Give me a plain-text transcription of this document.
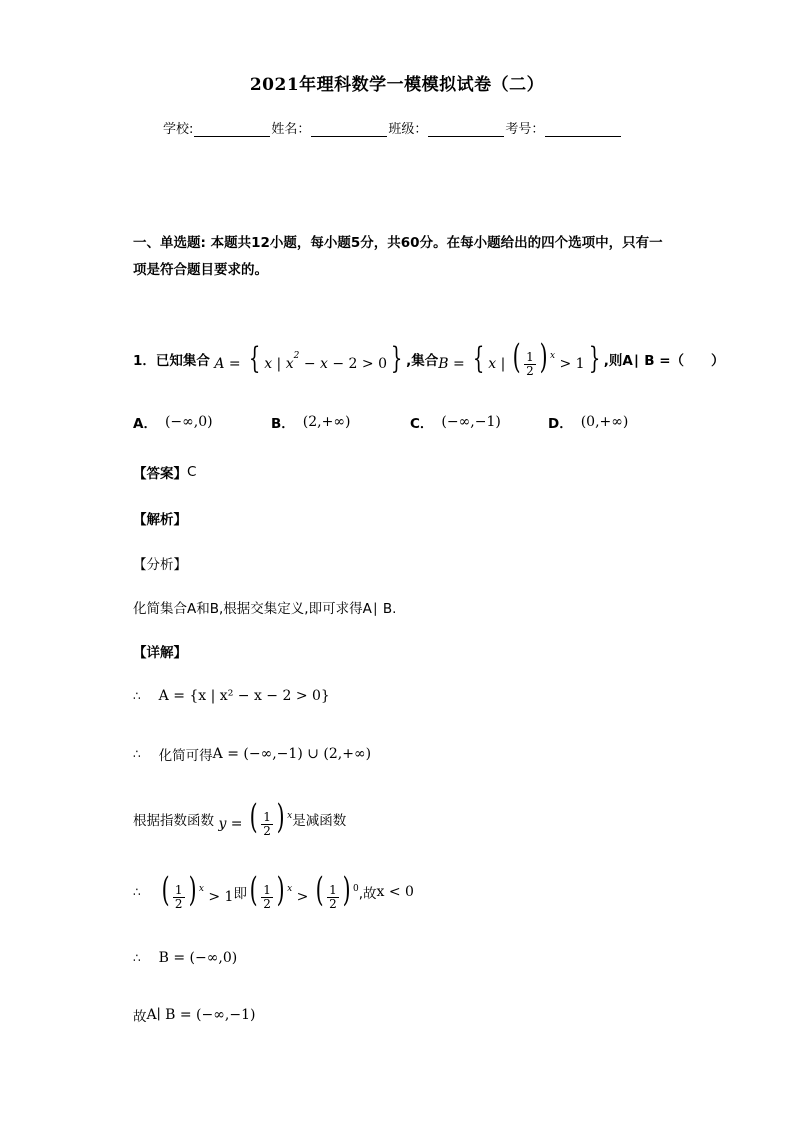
2021年理科数学一模模拟试卷（二）
学校:	姓名：	班级：	考号：
一、单选题: 本题共12小题，每小题5分，共60分。在每小题给出的四个选项中，只有一项是符合题目要求的。
1． 已知集合 A = { x | $x^2 - x - 2 > 0$ } ,集合 B = { x | ( $\frac{1}{2}$ ) $^x$ > 1 } ,则 A∣ B =（　　）
A． (−∞,0)	B． (2,+∞)	C． (−∞,−1)	D． (0,+∞)
【答案】 C
【解析】
【分析】
化简集合A和B,根据交集定义,即可求得A∣ B.
【详解】
∴ A = {x | x² − x − 2 > 0}
∴ 化简可得 A = (−∞,−1) ∪ (2,+∞)
根据指数函数 y = ( $\frac{1}{2}$ ) $^x$ 是减函数
∴ ( $\frac{1}{2}$ ) $^x$ > 1 即 ( $\frac{1}{2}$ ) $^x$ > ( $\frac{1}{2}$ ) $^0$ ,故 x < 0
∴ B = (−∞,0)
故 A∣ B = (−∞,−1)
